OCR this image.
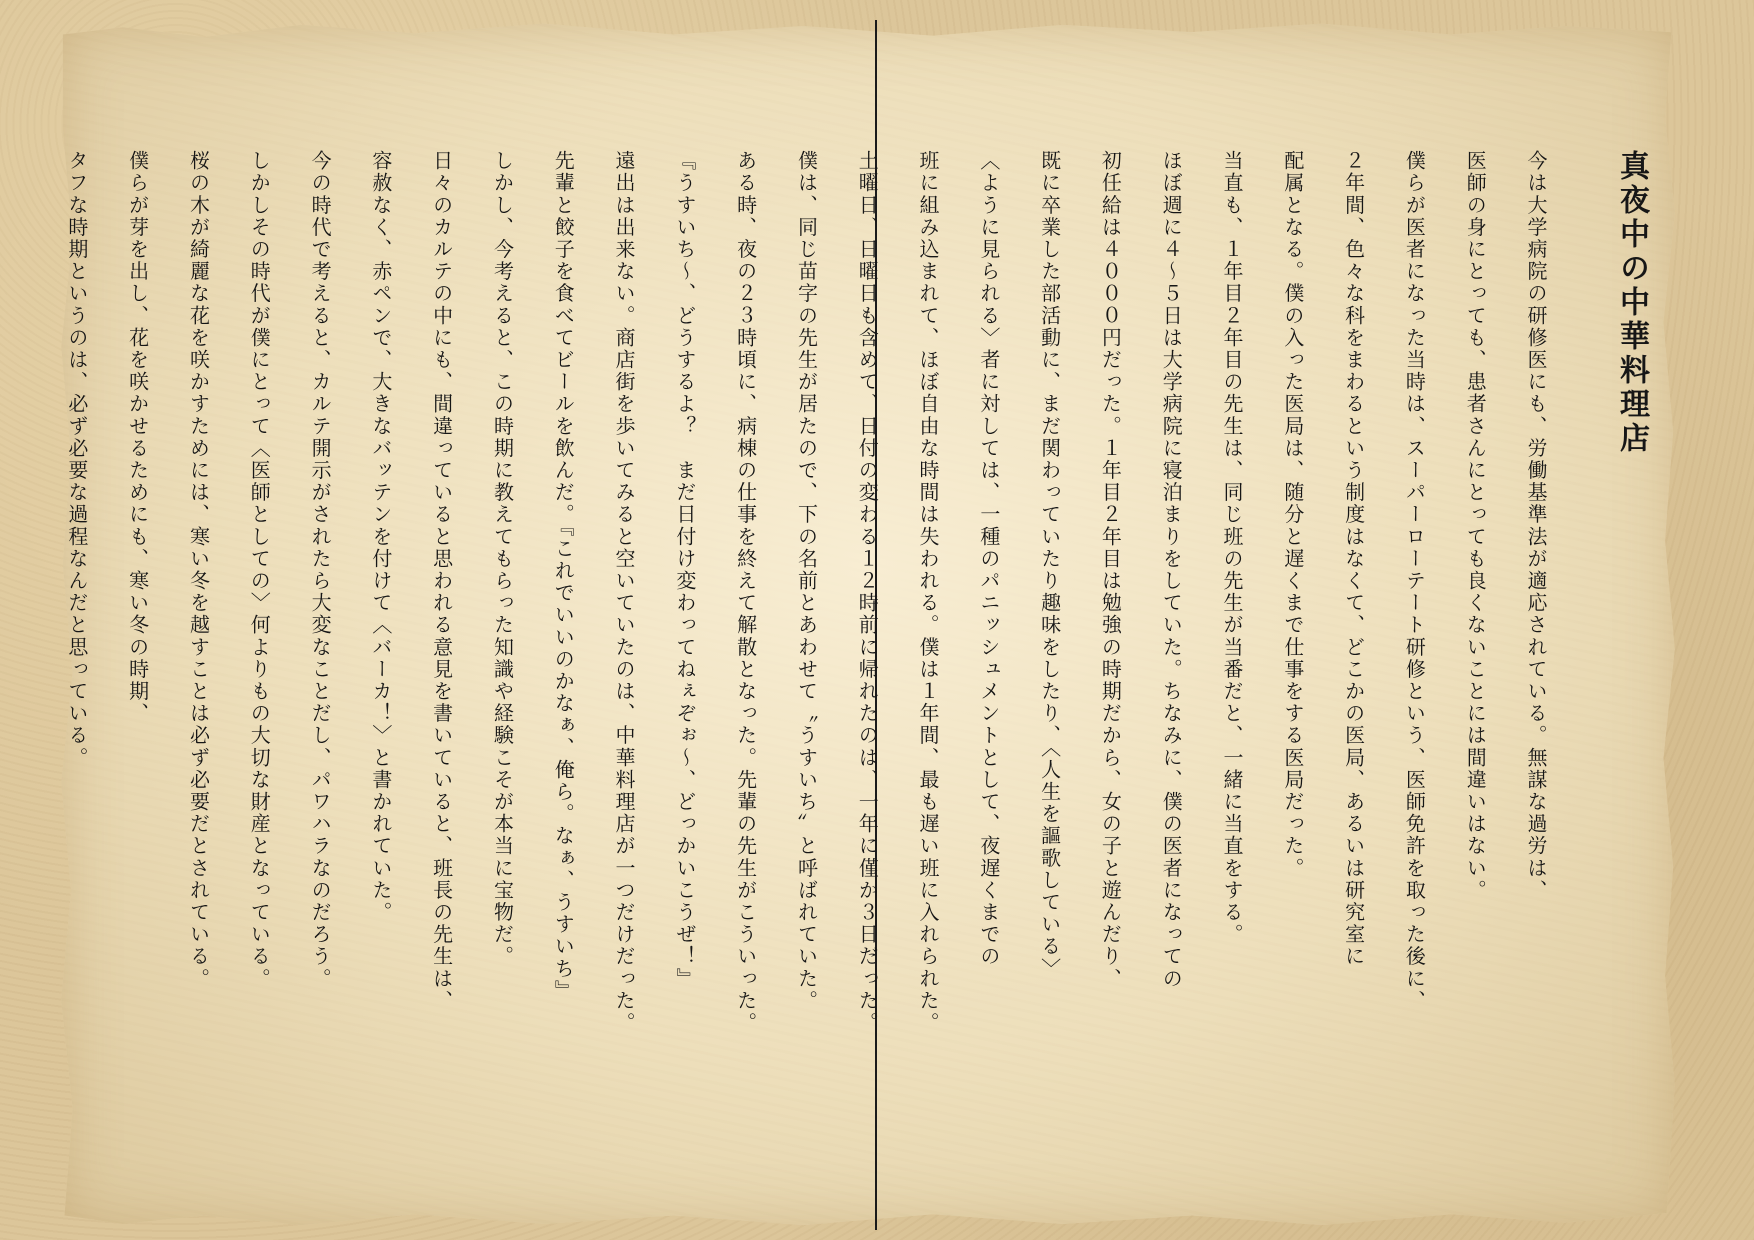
真夜中の中華料理店

今は大学病院の研修医にも、労働基準法が適応されている。無謀な過労は、

医師の身にとっても、患者さんにとっても良くないことには間違いはない。

僕らが医者になった当時は、スーパーローテート研修という、医師免許を取った後に、

２年間、色々な科をまわるという制度はなくて、どこかの医局、あるいは研究室に

配属となる。僕の入った医局は、随分と遅くまで仕事をする医局だった。

当直も、１年目２年目の先生は、同じ班の先生が当番だと、一緒に当直をする。

ほぼ週に４～５日は大学病院に寝泊まりをしていた。ちなみに、僕の医者になっての

初任給は４０００円だった。１年目２年目は勉強の時期だから、女の子と遊んだり、

既に卒業した部活動に、まだ関わっていたり趣味をしたり、〈人生を謳歌している〉

〈ように見られる〉者に対しては、一種のパニッシュメントとして、夜遅くまでの

班に組み込まれて、ほぼ自由な時間は失われる。僕は１年間、最も遅い班に入れられた。

土曜日、日曜日も含めて、日付の変わる１２時前に帰れたのは、一年に僅か３日だった。

僕は、同じ苗字の先生が居たので、下の名前とあわせて〝うすいち〟と呼ばれていた。

ある時、夜の２３時頃に、病棟の仕事を終えて解散となった。先輩の先生がこういった。

『うすいち～、どうするよ？　まだ日付け変わってねぇぞぉ～、どっかいこうぜ！』

遠出は出来ない。商店街を歩いてみると空いていたのは、中華料理店が一つだけだった。

先輩と餃子を食べてビールを飲んだ。『これでいいのかなぁ、俺ら。なぁ、うすいち』

しかし、今考えると、この時期に教えてもらった知識や経験こそが本当に宝物だ。

日々のカルテの中にも、間違っていると思われる意見を書いていると、班長の先生は、

容赦なく、赤ペンで、大きなバッテンを付けて〈バーカ！〉と書かれていた。

今の時代で考えると、カルテ開示がされたら大変なことだし、パワハラなのだろう。

しかしその時代が僕にとって〈医師としての〉何よりもの大切な財産となっている。

桜の木が綺麗な花を咲かすためには、寒い冬を越すことは必ず必要だとされている。

僕らが芽を出し、花を咲かせるためにも、寒い冬の時期、

タフな時期というのは、必ず必要な過程なんだと思っている。
